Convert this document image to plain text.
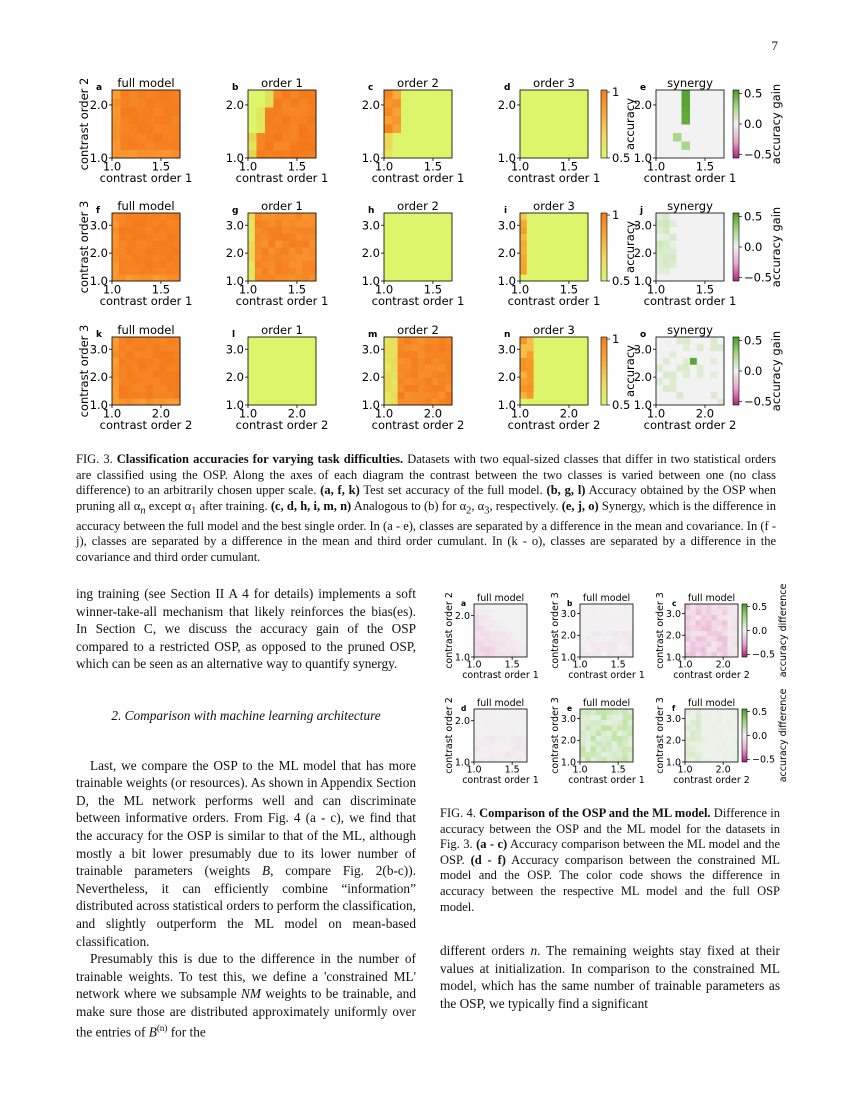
7
full model
a
2.0
1.0
1.0	1.5
contrast order 1
order 1
b
2.0
1.0
1.0	1.5
contrast order 1
order 2
c
2.0
1.0
1.0	1.5
contrast order 1
order 3
d
2.0
1.0
1.0	1.5
contrast order 1
synergy
e
2.0
1.0
1.0	1.5
contrast order 1
contrast order 2	1
0.5
accuracy
0.5
0.0
−0.5
accuracy gain
full model
f
3.0
2.0
1.0
1.0	1.5
contrast order 1
order 1
g
3.0
2.0
1.0
1.0	1.5
contrast order 1
order 2
h
3.0
2.0
1.0
1.0	1.5
contrast order 1
order 3
i
3.0
2.0
1.0
1.0	1.5
contrast order 1
synergy
j
3.0
2.0
1.0
1.0	1.5
contrast order 1
contrast order 3	1
0.5
accuracy
0.5
0.0
−0.5
accuracy gain
full model
k
3.0
2.0
1.0
1.0	2.0
contrast order 2
order 1
l
3.0
2.0
1.0
1.0	2.0
contrast order 2
order 2
m
3.0
2.0
1.0
1.0	2.0
contrast order 2
order 3
n
3.0
2.0
1.0
1.0	2.0
contrast order 2
synergy
o
3.0
2.0
1.0
1.0	2.0
contrast order 2
contrast order 3	1
0.5
accuracy
0.5
0.0
−0.5
accuracy gain
FIG. 3. Classification accuracies for varying task difficulties. Datasets with two equal-sized classes that differ in two statistical orders are classified using the OSP. Along the axes of each diagram the contrast between the two classes is varied between one (no class difference) to an arbitrarily chosen upper scale. (a, f, k) Test set accuracy of the full model. (b, g, l) Accuracy obtained by the OSP when pruning all $\alpha_n$ except $\alpha_1$ after training. (c, d, h, i, m, n) Analogous to (b) for $\alpha_2$, $\alpha_3$, respectively. (e, j, o) Synergy, which is the difference in accuracy between the full model and the best single order. In (a - e), classes are separated by a difference in the mean and covariance. In (f - j), classes are separated by a difference in the mean and third order cumulant. In (k - o), classes are separated by a difference in the covariance and third order cumulant.
ing training (see Section II A 4 for details) implements a soft winner-take-all mechanism that likely reinforces the bias(es). In Section C, we discuss the accuracy gain of the OSP compared to a restricted OSP, as opposed to the pruned OSP, which can be seen as an alternative way to quantify synergy.
2. Comparison with machine learning architecture
Last, we compare the OSP to the ML model that has more trainable weights (or resources). As shown in Appendix Section D, the ML network performs well and can discriminate between informative orders. From Fig. 4 (a - c), we find that the accuracy for the OSP is similar to that of the ML, although mostly a bit lower presumably due to its lower number of trainable parameters (weights B, compare Fig. 2(b-c)). Nevertheless, it can efficiently combine “information” distributed across statistical orders to perform the classification, and slightly outperform the ML model on mean-based classification.
Presumably this is due to the difference in the number of trainable weights. To test this, we define a 'constrained ML' network where we subsample NM weights to be trainable, and make sure those are distributed approximately uniformly over the entries of $B^{(n)}$ for the
full model
a
2.0
1.0
1.0 1.5
contrast order 1
contrast order 2	full model
b
3.0
2.0
1.0
1.0 1.5
contrast order 1
contrast order 3	full model
c
3.0
2.0
1.0
1.0 2.0
contrast order 2
contrast order 3
full model
d
2.0
1.0
1.0 1.5
contrast order 1
contrast order 2	full model
e
3.0
2.0
1.0
1.0 1.5
contrast order 1
contrast order 3	full model
f
3.0
2.0
1.0
1.0 2.0
contrast order 2
contrast order 3
0.5
0.0
−0.5 accuracy difference
0.5
0.0
−0.5 accuracy difference
FIG. 4. Comparison of the OSP and the ML model. Difference in accuracy between the OSP and the ML model for the datasets in Fig. 3. (a - c) Accuracy comparison between the ML model and the OSP. (d - f) Accuracy comparison between the constrained ML model and the OSP. The color code shows the difference in accuracy between the respective ML model and the full OSP model.
different orders n. The remaining weights stay fixed at their values at initialization. In comparison to the constrained ML model, which has the same number of trainable parameters as the OSP, we typically find a significant
